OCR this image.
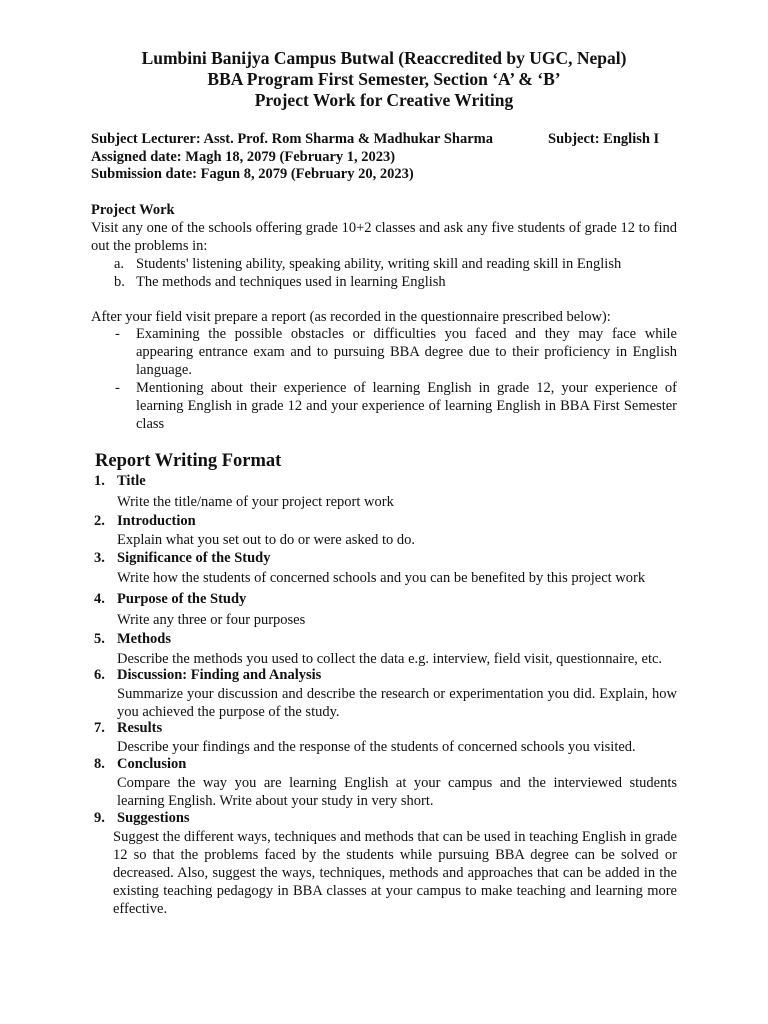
Lumbini Banijya Campus Butwal (Reaccredited by UGC, Nepal)
BBA Program First Semester, Section ‘A’ & ‘B’
Project Work for Creative Writing
Subject Lecturer: Asst. Prof. Rom Sharma & Madhukar Sharma	Subject: English I
Assigned date: Magh 18, 2079 (February 1, 2023)
Submission date: Fagun 8, 2079 (February 20, 2023)
Project Work
Visit any one of the schools offering grade 10+2 classes and ask any five students of grade 12 to find out the problems in:
a. Students' listening ability, speaking ability, writing skill and reading skill in English
b. The methods and techniques used in learning English
After your field visit prepare a report (as recorded in the questionnaire prescribed below):
- Examining the possible obstacles or difficulties you faced and they may face while appearing entrance exam and to pursuing BBA degree due to their proficiency in English language.
- Mentioning about their experience of learning English in grade 12, your experience of learning English in grade 12 and your experience of learning English in BBA First Semester class
Report Writing Format
1. Title
Write the title/name of your project report work
2. Introduction
Explain what you set out to do or were asked to do.
3. Significance of the Study
Write how the students of concerned schools and you can be benefited by this project work
4. Purpose of the Study
Write any three or four purposes
5. Methods
Describe the methods you used to collect the data e.g. interview, field visit, questionnaire, etc.
6. Discussion: Finding and Analysis
Summarize your discussion and describe the research or experimentation you did. Explain, how you achieved the purpose of the study.
7. Results
Describe your findings and the response of the students of concerned schools you visited.
8. Conclusion
Compare the way you are learning English at your campus and the interviewed students learning English. Write about your study in very short.
9. Suggestions
Suggest the different ways, techniques and methods that can be used in teaching English in grade 12 so that the problems faced by the students while pursuing BBA degree can be solved or decreased. Also, suggest the ways, techniques, methods and approaches that can be added in the existing teaching pedagogy in BBA classes at your campus to make teaching and learning more effective.
